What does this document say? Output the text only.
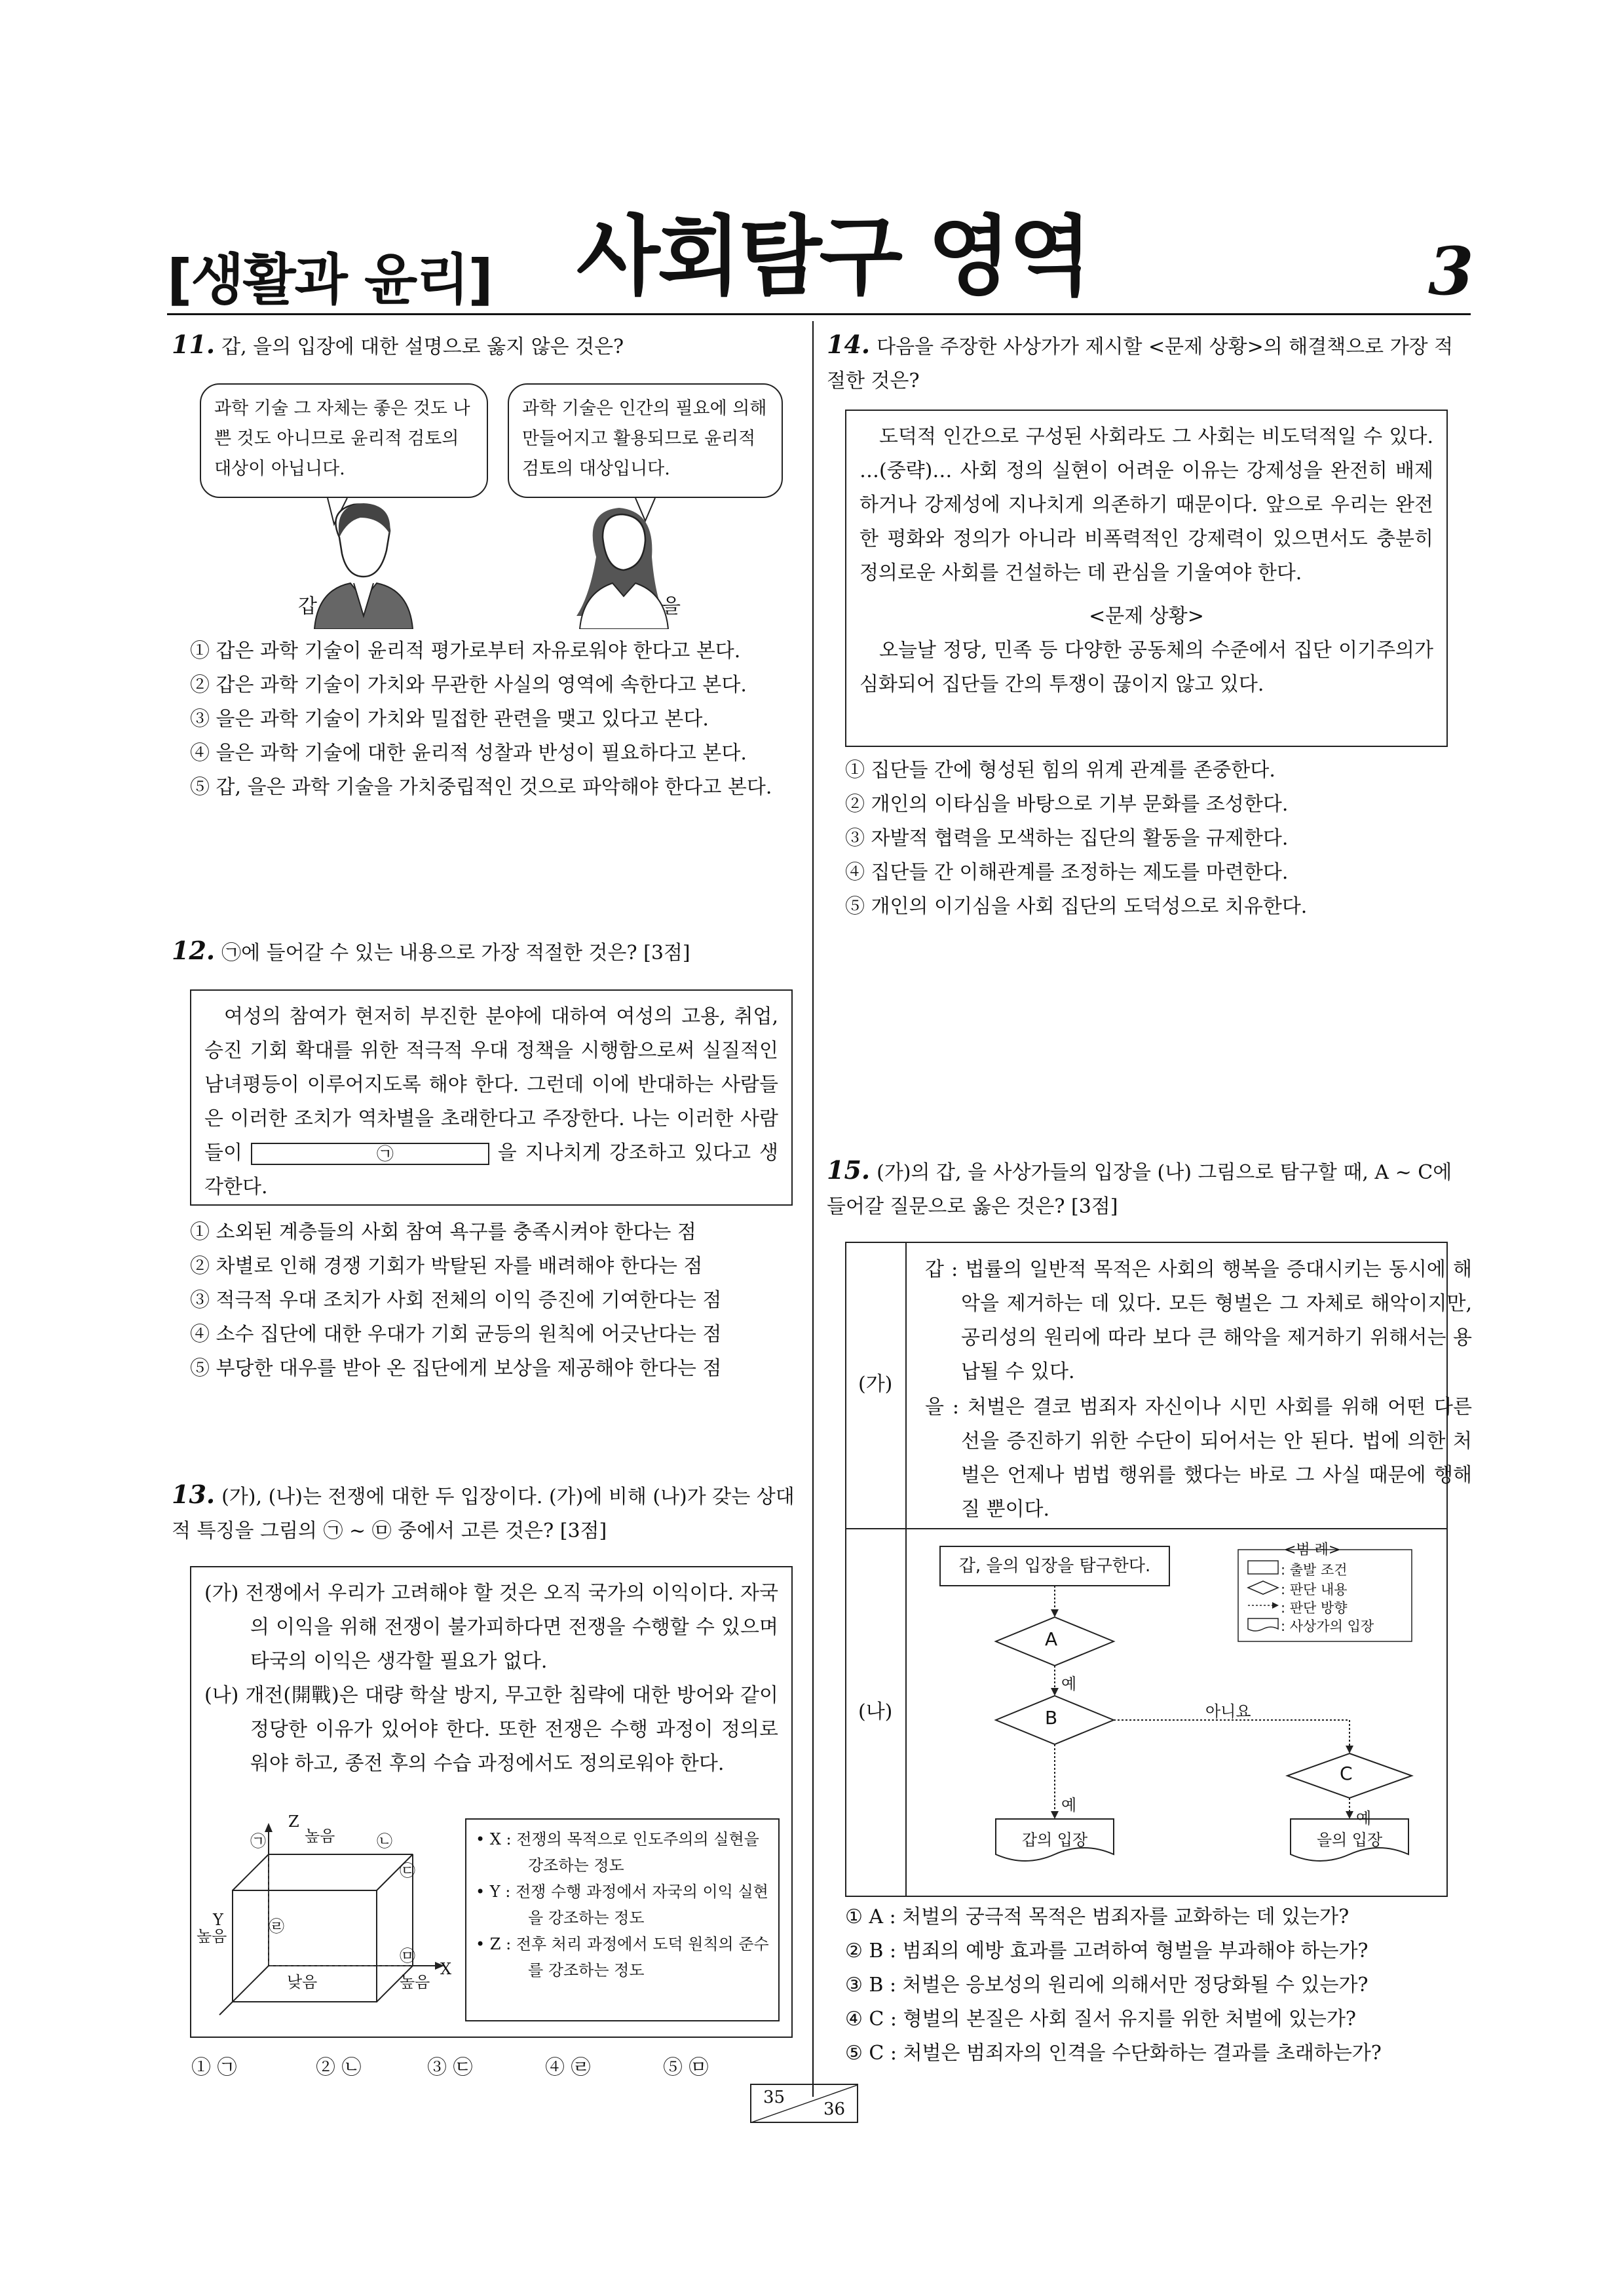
[생활과 윤리] 사회탐구 영역	3
11. 갑, 을의 입장에 대한 설명으로 옳지 않은 것은?
과학 기술 그 자체는 좋은 것도 나쁜 것도 아니므로 윤리적 검토의 대상이 아닙니다.
과학 기술은 인간의 필요에 의해 만들어지고 활용되므로 윤리적 검토의 대상입니다.
갑	을
① 갑은 과학 기술이 윤리적 평가로부터 자유로워야 한다고 본다.
② 갑은 과학 기술이 가치와 무관한 사실의 영역에 속한다고 본다.
③ 을은 과학 기술이 가치와 밀접한 관련을 맺고 있다고 본다.
④ 을은 과학 기술에 대한 윤리적 성찰과 반성이 필요하다고 본다.
⑤ 갑, 을은 과학 기술을 가치중립적인 것으로 파악해야 한다고 본다.
12. ㉠에 들어갈 수 있는 내용으로 가장 적절한 것은? [3점]
여성의 참여가 현저히 부진한 분야에 대하여 여성의 고용, 취업, 승진 기회 확대를 위한 적극적 우대 정책을 시행함으로써 실질적인 남녀평등이 이루어지도록 해야 한다. 그런데 이에 반대하는 사람들은 이러한 조치가 역차별을 초래한다고 주장한다. 나는 이러한 사람들이	㉠	을 지나치게 강조하고 있다고 생각한다.
① 소외된 계층들의 사회 참여 욕구를 충족시켜야 한다는 점
② 차별로 인해 경쟁 기회가 박탈된 자를 배려해야 한다는 점
③ 적극적 우대 조치가 사회 전체의 이익 증진에 기여한다는 점
④ 소수 집단에 대한 우대가 기회 균등의 원칙에 어긋난다는 점
⑤ 부당한 대우를 받아 온 집단에게 보상을 제공해야 한다는 점
13. (가), (나)는 전쟁에 대한 두 입장이다. (가)에 비해 (나)가 갖는 상대적 특징을 그림의 ㉠ ~ ㉤ 중에서 고른 것은? [3점]
(가) 전쟁에서 우리가 고려해야 할 것은 오직 국가의 이익이다. 자국의 이익을 위해 전쟁이 불가피하다면 전쟁을 수행할 수 있으며 타국의 이익은 생각할 필요가 없다.
(나) 개전(開戰)은 대량 학살 방지, 무고한 침략에 대한 방어와 같이 정당한 이유가 있어야 한다. 또한 전쟁은 수행 과정이 정의로워야 하고, 종전 후의 수습 과정에서도 정의로워야 한다.
Z
Y
X
높음
높음
낮음	높음
㉠	㉡
㉢
㉣
㉤
• X : 전쟁의 목적으로 인도주의의 실현을 강조하는 정도
• Y : 전쟁 수행 과정에서 자국의 이익 실현을 강조하는 정도
• Z : 전후 처리 과정에서 도덕 원칙의 준수를 강조하는 정도
① ㉠	② ㉡	③ ㉢	④ ㉣	⑤ ㉤
14. 다음을 주장한 사상가가 제시할 <문제 상황>의 해결책으로 가장 적절한 것은?
도덕적 인간으로 구성된 사회라도 그 사회는 비도덕적일 수 있다. …(중략)… 사회 정의 실현이 어려운 이유는 강제성을 완전히 배제하거나 강제성에 지나치게 의존하기 때문이다. 앞으로 우리는 완전한 평화와 정의가 아니라 비폭력적인 강제력이 있으면서도 충분히 정의로운 사회를 건설하는 데 관심을 기울여야 한다.
<문제 상황>
오늘날 정당, 민족 등 다양한 공동체의 수준에서 집단 이기주의가 심화되어 집단들 간의 투쟁이 끊이지 않고 있다.
① 집단들 간에 형성된 힘의 위계 관계를 존중한다.
② 개인의 이타심을 바탕으로 기부 문화를 조성한다.
③ 자발적 협력을 모색하는 집단의 활동을 규제한다.
④ 집단들 간 이해관계를 조정하는 제도를 마련한다.
⑤ 개인의 이기심을 사회 집단의 도덕성으로 치유한다.
15. (가)의 갑, 을 사상가들의 입장을 (나) 그림으로 탐구할 때, A ~ C에 들어갈 질문으로 옳은 것은? [3점]
(가)
(나)
갑 : 법률의 일반적 목적은 사회의 행복을 증대시키는 동시에 해악을 제거하는 데 있다. 모든 형벌은 그 자체로 해악이지만, 공리성의 원리에 따라 보다 큰 해악을 제거하기 위해서는 용납될 수 있다.
을 : 처벌은 결코 범죄자 자신이나 시민 사회를 위해 어떤 다른 선을 증진하기 위한 수단이 되어서는 안 된다. 법에 의한 처벌은 언제나 범법 행위를 했다는 바로 그 사실 때문에 행해질 뿐이다.
갑, 을의 입장을 탐구한다.
A
B
C
예
예
예
아니요
갑의 입장	을의 입장
<범 례>
: 출발 조건
: 판단 내용
: 판단 방향
: 사상가의 입장
① A : 처벌의 궁극적 목적은 범죄자를 교화하는 데 있는가?
② B : 범죄의 예방 효과를 고려하여 형벌을 부과해야 하는가?
③ B : 처벌은 응보성의 원리에 의해서만 정당화될 수 있는가?
④ C : 형벌의 본질은 사회 질서 유지를 위한 처벌에 있는가?
⑤ C : 처벌은 범죄자의 인격을 수단화하는 결과를 초래하는가?
35
36
